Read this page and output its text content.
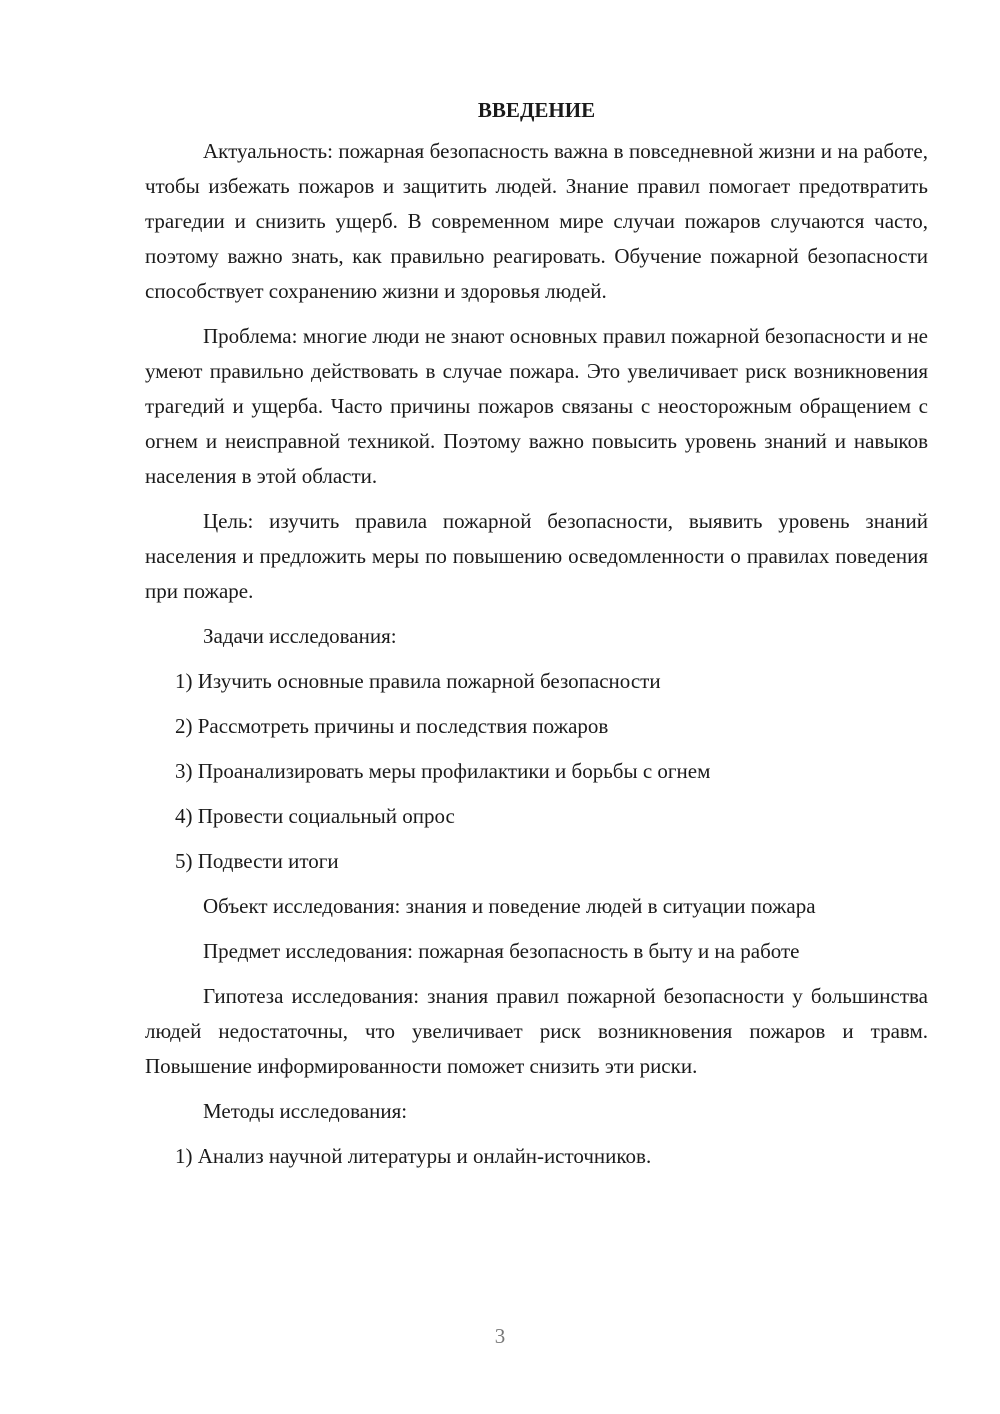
ВВЕДЕНИЕ

Актуальность: пожарная безопасность важна в повседневной жизни и на работе, чтобы избежать пожаров и защитить людей. Знание правил помогает предотвратить трагедии и снизить ущерб. В современном мире случаи пожаров случаются часто, поэтому важно знать, как правильно реагировать. Обучение пожарной безопасности способствует сохранению жизни и здоровья людей.

Проблема: многие люди не знают основных правил пожарной безопасности и не умеют правильно действовать в случае пожара. Это увеличивает риск возникновения трагедий и ущерба. Часто причины пожаров связаны с неосторожным обращением с огнем и неисправной техникой. Поэтому важно повысить уровень знаний и навыков населения в этой области.

Цель: изучить правила пожарной безопасности, выявить уровень знаний населения и предложить меры по повышению осведомленности о правилах поведения при пожаре.

Задачи исследования:
1) Изучить основные правила пожарной безопасности
2) Рассмотреть причины и последствия пожаров
3) Проанализировать меры профилактики и борьбы с огнем
4) Провести социальный опрос
5) Подвести итоги
Объект исследования: знания и поведение людей в ситуации пожара
Предмет исследования: пожарная безопасность в быту и на работе

Гипотеза исследования: знания правил пожарной безопасности у большинства людей недостаточны, что увеличивает риск возникновения пожаров и травм. Повышение информированности поможет снизить эти риски.

Методы исследования:
1) Анализ научной литературы и онлайн-источников.
3
